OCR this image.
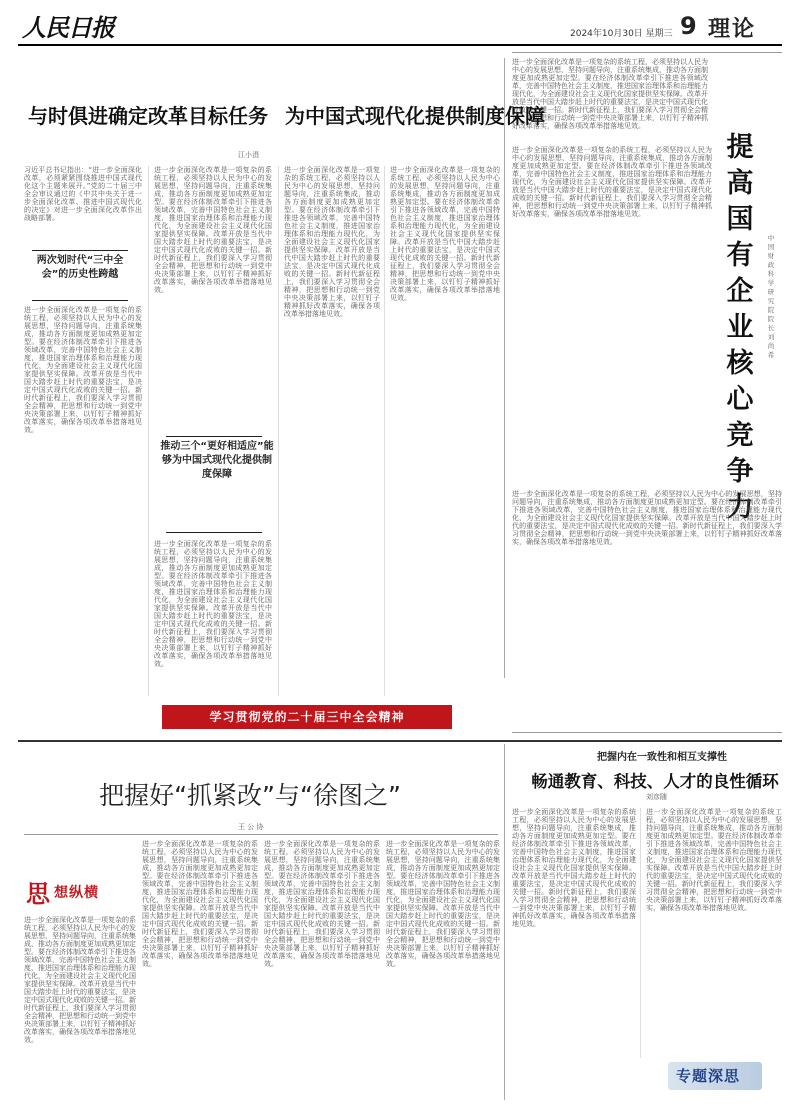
人民日报	2024年10月30日 星期三 9 理论
进一步全面深化改革是一项复杂的系统工程，必须坚持以人民为中心的发展思想，坚持问题导向，注重系统集成，推动各方面制度更加成熟更加定型。要在经济体制改革牵引下推进各领域改革，完善中国特色社会主义制度，推进国家治理体系和治理能力现代化，为全面建设社会主义现代化国家提供坚实保障。改革开放是当代中国大踏步赶上时代的重要法宝，是决定中国式现代化成败的关键一招。新时代新征程上，我们要深入学习贯彻全会精神，把思想和行动统一到党中央决策部署上来，以钉钉子精神抓好改革落实，确保各项改革举措落地见效。
与时俱进确定改革目标任务 为中国式现代化提供制度保障
江小涓
习近平总书记指出：“进一步全面深化改革，必须紧紧围绕推进中国式现代化这个主题来展开。”党的二十届三中全会审议通过的《中共中央关于进一步全面深化改革、推进中国式现代化的决定》对进一步全面深化改革作出战略部署。
两次划时代“三中全会”的历史性跨越
进一步全面深化改革是一项复杂的系统工程，必须坚持以人民为中心的发展思想，坚持问题导向，注重系统集成，推动各方面制度更加成熟更加定型。要在经济体制改革牵引下推进各领域改革，完善中国特色社会主义制度，推进国家治理体系和治理能力现代化，为全面建设社会主义现代化国家提供坚实保障。改革开放是当代中国大踏步赶上时代的重要法宝，是决定中国式现代化成败的关键一招。新时代新征程上，我们要深入学习贯彻全会精神，把思想和行动统一到党中央决策部署上来，以钉钉子精神抓好改革落实，确保各项改革举措落地见效。
进一步全面深化改革是一项复杂的系统工程，必须坚持以人民为中心的发展思想，坚持问题导向，注重系统集成，推动各方面制度更加成熟更加定型。要在经济体制改革牵引下推进各领域改革，完善中国特色社会主义制度，推进国家治理体系和治理能力现代化，为全面建设社会主义现代化国家提供坚实保障。改革开放是当代中国大踏步赶上时代的重要法宝，是决定中国式现代化成败的关键一招。新时代新征程上，我们要深入学习贯彻全会精神，把思想和行动统一到党中央决策部署上来，以钉钉子精神抓好改革落实，确保各项改革举措落地见效。
推动三个“更好相适应”能够为中国式现代化提供制度保障
进一步全面深化改革是一项复杂的系统工程，必须坚持以人民为中心的发展思想，坚持问题导向，注重系统集成，推动各方面制度更加成熟更加定型。要在经济体制改革牵引下推进各领域改革，完善中国特色社会主义制度，推进国家治理体系和治理能力现代化，为全面建设社会主义现代化国家提供坚实保障。改革开放是当代中国大踏步赶上时代的重要法宝，是决定中国式现代化成败的关键一招。新时代新征程上，我们要深入学习贯彻全会精神，把思想和行动统一到党中央决策部署上来，以钉钉子精神抓好改革落实，确保各项改革举措落地见效。
进一步全面深化改革是一项复杂的系统工程，必须坚持以人民为中心的发展思想，坚持问题导向，注重系统集成，推动各方面制度更加成熟更加定型。要在经济体制改革牵引下推进各领域改革，完善中国特色社会主义制度，推进国家治理体系和治理能力现代化，为全面建设社会主义现代化国家提供坚实保障。改革开放是当代中国大踏步赶上时代的重要法宝，是决定中国式现代化成败的关键一招。新时代新征程上，我们要深入学习贯彻全会精神，把思想和行动统一到党中央决策部署上来，以钉钉子精神抓好改革落实，确保各项改革举措落地见效。
进一步全面深化改革是一项复杂的系统工程，必须坚持以人民为中心的发展思想，坚持问题导向，注重系统集成，推动各方面制度更加成熟更加定型。要在经济体制改革牵引下推进各领域改革，完善中国特色社会主义制度，推进国家治理体系和治理能力现代化，为全面建设社会主义现代化国家提供坚实保障。改革开放是当代中国大踏步赶上时代的重要法宝，是决定中国式现代化成败的关键一招。新时代新征程上，我们要深入学习贯彻全会精神，把思想和行动统一到党中央决策部署上来，以钉钉子精神抓好改革落实，确保各项改革举措落地见效。
进一步全面深化改革是一项复杂的系统工程，必须坚持以人民为中心的发展思想，坚持问题导向，注重系统集成，推动各方面制度更加成熟更加定型。要在经济体制改革牵引下推进各领域改革，完善中国特色社会主义制度，推进国家治理体系和治理能力现代化，为全面建设社会主义现代化国家提供坚实保障。改革开放是当代中国大踏步赶上时代的重要法宝，是决定中国式现代化成败的关键一招。新时代新征程上，我们要深入学习贯彻全会精神，把思想和行动统一到党中央决策部署上来，以钉钉子精神抓好改革落实，确保各项改革举措落地见效。
提高国有企业核心竞争力
中国财政科学研究院院长 刘尚希
进一步全面深化改革是一项复杂的系统工程，必须坚持以人民为中心的发展思想，坚持问题导向，注重系统集成，推动各方面制度更加成熟更加定型。要在经济体制改革牵引下推进各领域改革，完善中国特色社会主义制度，推进国家治理体系和治理能力现代化，为全面建设社会主义现代化国家提供坚实保障。改革开放是当代中国大踏步赶上时代的重要法宝，是决定中国式现代化成败的关键一招。新时代新征程上，我们要深入学习贯彻全会精神，把思想和行动统一到党中央决策部署上来，以钉钉子精神抓好改革落实，确保各项改革举措落地见效。
学习贯彻党的二十届三中全会精神
把握内在一致性和相互支撑性
畅通教育、科技、人才的良性循环
刘彦随
进一步全面深化改革是一项复杂的系统工程，必须坚持以人民为中心的发展思想，坚持问题导向，注重系统集成，推动各方面制度更加成熟更加定型。要在经济体制改革牵引下推进各领域改革，完善中国特色社会主义制度，推进国家治理体系和治理能力现代化，为全面建设社会主义现代化国家提供坚实保障。改革开放是当代中国大踏步赶上时代的重要法宝，是决定中国式现代化成败的关键一招。新时代新征程上，我们要深入学习贯彻全会精神，把思想和行动统一到党中央决策部署上来，以钉钉子精神抓好改革落实，确保各项改革举措落地见效。
进一步全面深化改革是一项复杂的系统工程，必须坚持以人民为中心的发展思想，坚持问题导向，注重系统集成，推动各方面制度更加成熟更加定型。要在经济体制改革牵引下推进各领域改革，完善中国特色社会主义制度，推进国家治理体系和治理能力现代化，为全面建设社会主义现代化国家提供坚实保障。改革开放是当代中国大踏步赶上时代的重要法宝，是决定中国式现代化成败的关键一招。新时代新征程上，我们要深入学习贯彻全会精神，把思想和行动统一到党中央决策部署上来，以钉钉子精神抓好改革落实，确保各项改革举措落地见效。
把握好“抓紧改”与“徐图之”
王 公 协
思 想纵横
进一步全面深化改革是一项复杂的系统工程，必须坚持以人民为中心的发展思想，坚持问题导向，注重系统集成，推动各方面制度更加成熟更加定型。要在经济体制改革牵引下推进各领域改革，完善中国特色社会主义制度，推进国家治理体系和治理能力现代化，为全面建设社会主义现代化国家提供坚实保障。改革开放是当代中国大踏步赶上时代的重要法宝，是决定中国式现代化成败的关键一招。新时代新征程上，我们要深入学习贯彻全会精神，把思想和行动统一到党中央决策部署上来，以钉钉子精神抓好改革落实，确保各项改革举措落地见效。
进一步全面深化改革是一项复杂的系统工程，必须坚持以人民为中心的发展思想，坚持问题导向，注重系统集成，推动各方面制度更加成熟更加定型。要在经济体制改革牵引下推进各领域改革，完善中国特色社会主义制度，推进国家治理体系和治理能力现代化，为全面建设社会主义现代化国家提供坚实保障。改革开放是当代中国大踏步赶上时代的重要法宝，是决定中国式现代化成败的关键一招。新时代新征程上，我们要深入学习贯彻全会精神，把思想和行动统一到党中央决策部署上来，以钉钉子精神抓好改革落实，确保各项改革举措落地见效。
进一步全面深化改革是一项复杂的系统工程，必须坚持以人民为中心的发展思想，坚持问题导向，注重系统集成，推动各方面制度更加成熟更加定型。要在经济体制改革牵引下推进各领域改革，完善中国特色社会主义制度，推进国家治理体系和治理能力现代化，为全面建设社会主义现代化国家提供坚实保障。改革开放是当代中国大踏步赶上时代的重要法宝，是决定中国式现代化成败的关键一招。新时代新征程上，我们要深入学习贯彻全会精神，把思想和行动统一到党中央决策部署上来，以钉钉子精神抓好改革落实，确保各项改革举措落地见效。
进一步全面深化改革是一项复杂的系统工程，必须坚持以人民为中心的发展思想，坚持问题导向，注重系统集成，推动各方面制度更加成熟更加定型。要在经济体制改革牵引下推进各领域改革，完善中国特色社会主义制度，推进国家治理体系和治理能力现代化，为全面建设社会主义现代化国家提供坚实保障。改革开放是当代中国大踏步赶上时代的重要法宝，是决定中国式现代化成败的关键一招。新时代新征程上，我们要深入学习贯彻全会精神，把思想和行动统一到党中央决策部署上来，以钉钉子精神抓好改革落实，确保各项改革举措落地见效。
专题深思
